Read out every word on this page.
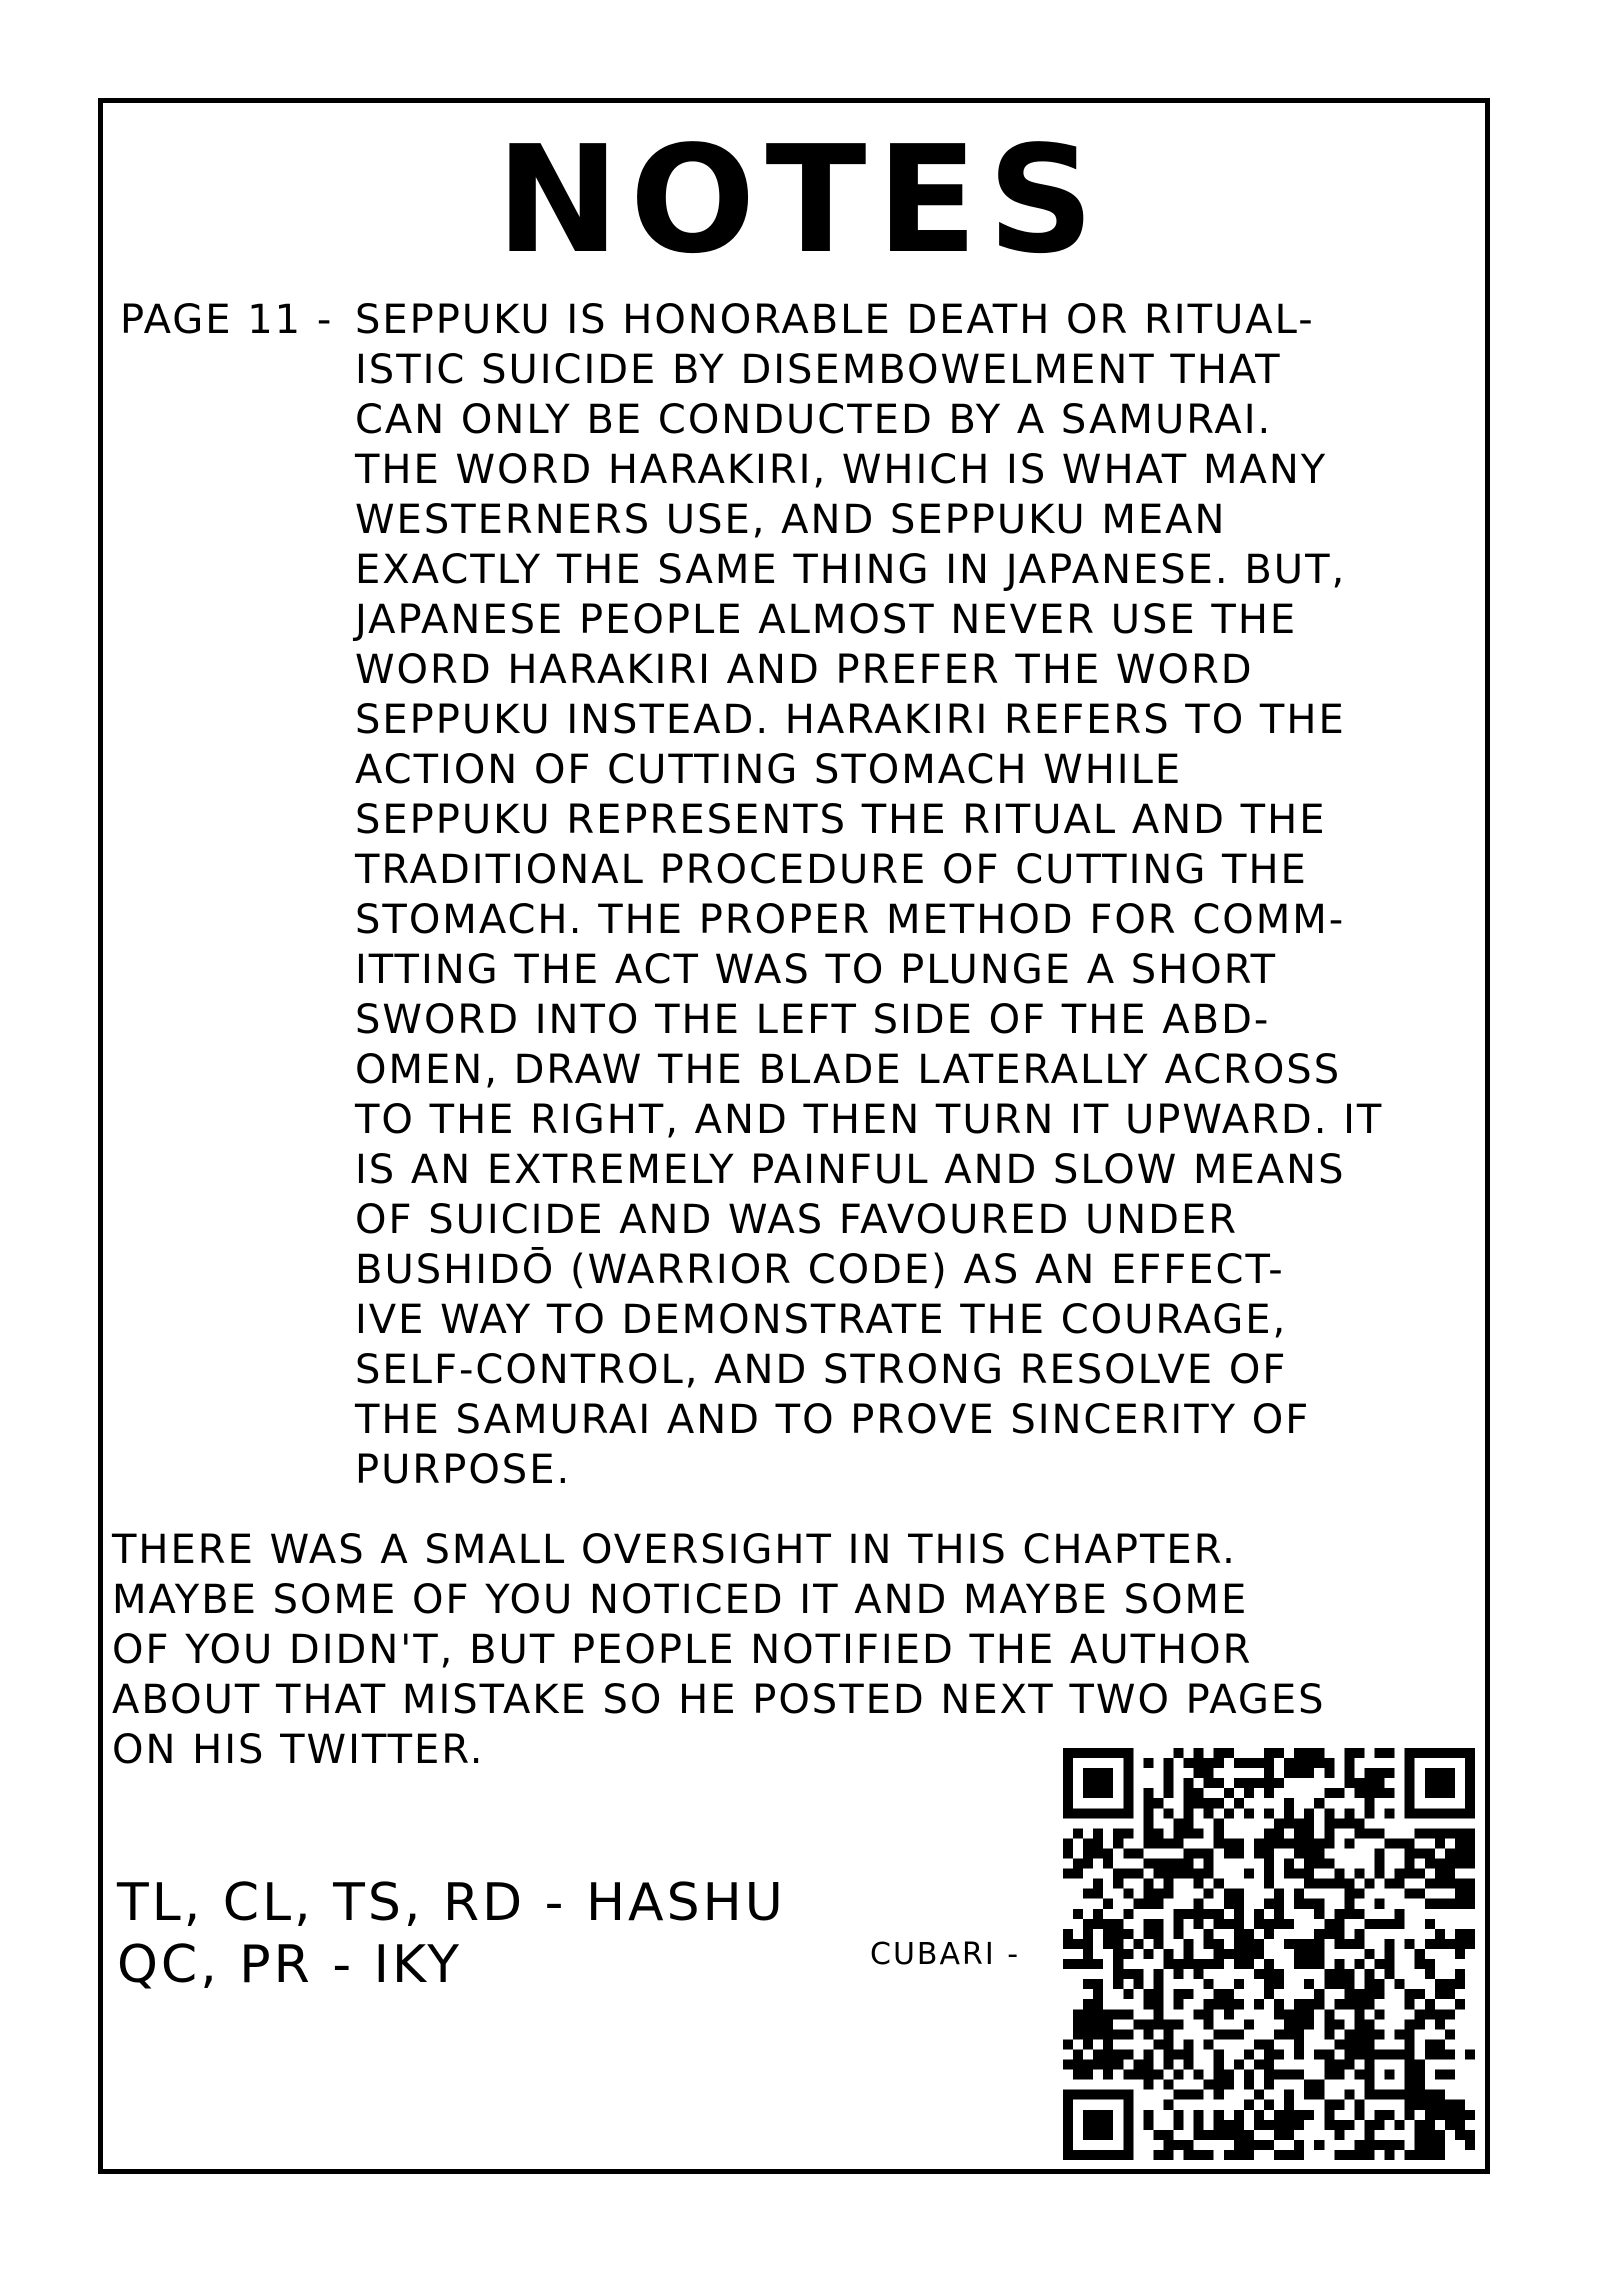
NOTES
PAGE 11 - SEPPUKU IS HONORABLE DEATH OR RITUAL-
ISTIC SUICIDE BY DISEMBOWELMENT THAT
CAN ONLY BE CONDUCTED BY A SAMURAI.
THE WORD HARAKIRI, WHICH IS WHAT MANY
WESTERNERS USE, AND SEPPUKU MEAN
EXACTLY THE SAME THING IN JAPANESE. BUT,
JAPANESE PEOPLE ALMOST NEVER USE THE
WORD HARAKIRI AND PREFER THE WORD
SEPPUKU INSTEAD. HARAKIRI REFERS TO THE
ACTION OF CUTTING STOMACH WHILE
SEPPUKU REPRESENTS THE RITUAL AND THE
TRADITIONAL PROCEDURE OF CUTTING THE
STOMACH. THE PROPER METHOD FOR COMM-
ITTING THE ACT WAS TO PLUNGE A SHORT
SWORD INTO THE LEFT SIDE OF THE ABD-
OMEN, DRAW THE BLADE LATERALLY ACROSS
TO THE RIGHT, AND THEN TURN IT UPWARD. IT
IS AN EXTREMELY PAINFUL AND SLOW MEANS
OF SUICIDE AND WAS FAVOURED UNDER
BUSHIDŌ (WARRIOR CODE) AS AN EFFECT-
IVE WAY TO DEMONSTRATE THE COURAGE,
SELF-CONTROL, AND STRONG RESOLVE OF
THE SAMURAI AND TO PROVE SINCERITY OF
PURPOSE.
THERE WAS A SMALL OVERSIGHT IN THIS CHAPTER.
MAYBE SOME OF YOU NOTICED IT AND MAYBE SOME
OF YOU DIDN'T, BUT PEOPLE NOTIFIED THE AUTHOR
ABOUT THAT MISTAKE SO HE POSTED NEXT TWO PAGES
ON HIS TWITTER.
TL, CL, TS, RD - HASHU
QC, PR - IKY	CUBARI -
